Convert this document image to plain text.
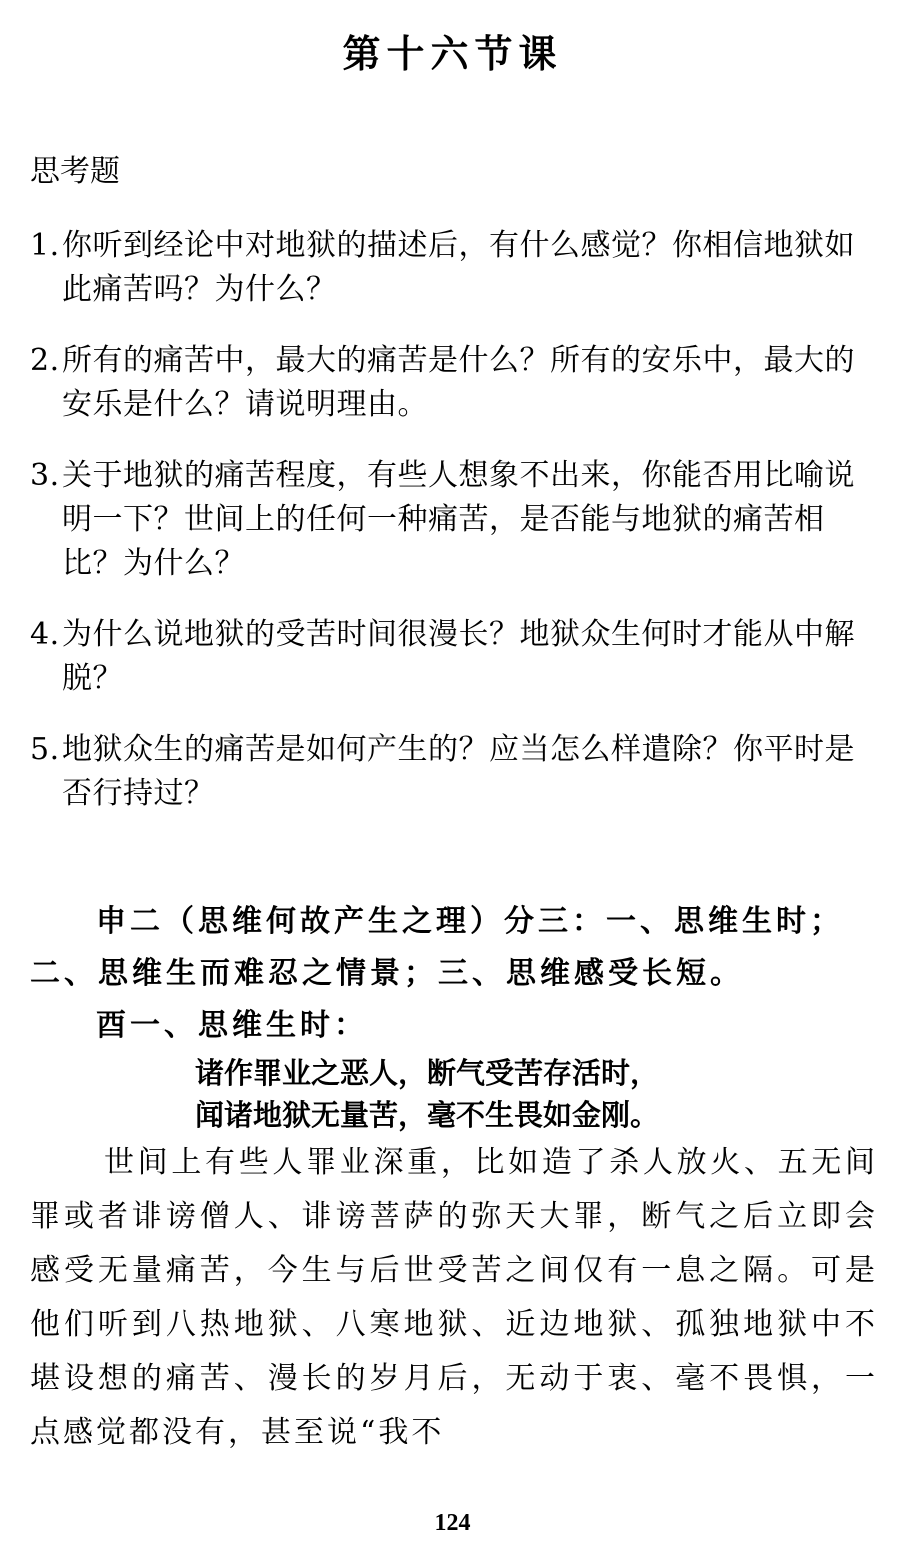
第十六节课
思考题
1. 你听到经论中对地狱的描述后，有什么感觉？你相信地狱如此痛苦吗？为什么？
2. 所有的痛苦中，最大的痛苦是什么？所有的安乐中，最大的安乐是什么？请说明理由。
3. 关于地狱的痛苦程度，有些人想象不出来，你能否用比喻说明一下？世间上的任何一种痛苦，是否能与地狱的痛苦相比？为什么？
4. 为什么说地狱的受苦时间很漫长？地狱众生何时才能从中解脱？
5. 地狱众生的痛苦是如何产生的？应当怎么样遣除？你平时是否行持过？
申二（思维何故产生之理）分三：一、思维生时；二、思维生而难忍之情景；三、思维感受长短。
酉一、思维生时：
诸作罪业之恶人，断气受苦存活时，
闻诸地狱无量苦，毫不生畏如金刚。

世间上有些人罪业深重，比如造了杀人放火、五无间罪或者诽谤僧人、诽谤菩萨的弥天大罪，断气之后立即会感受无量痛苦，今生与后世受苦之间仅有一息之隔。可是他们听到八热地狱、八寒地狱、近边地狱、孤独地狱中不堪设想的痛苦、漫长的岁月后，无动于衷、毫不畏惧，一点感觉都没有，甚至说“我不

124
